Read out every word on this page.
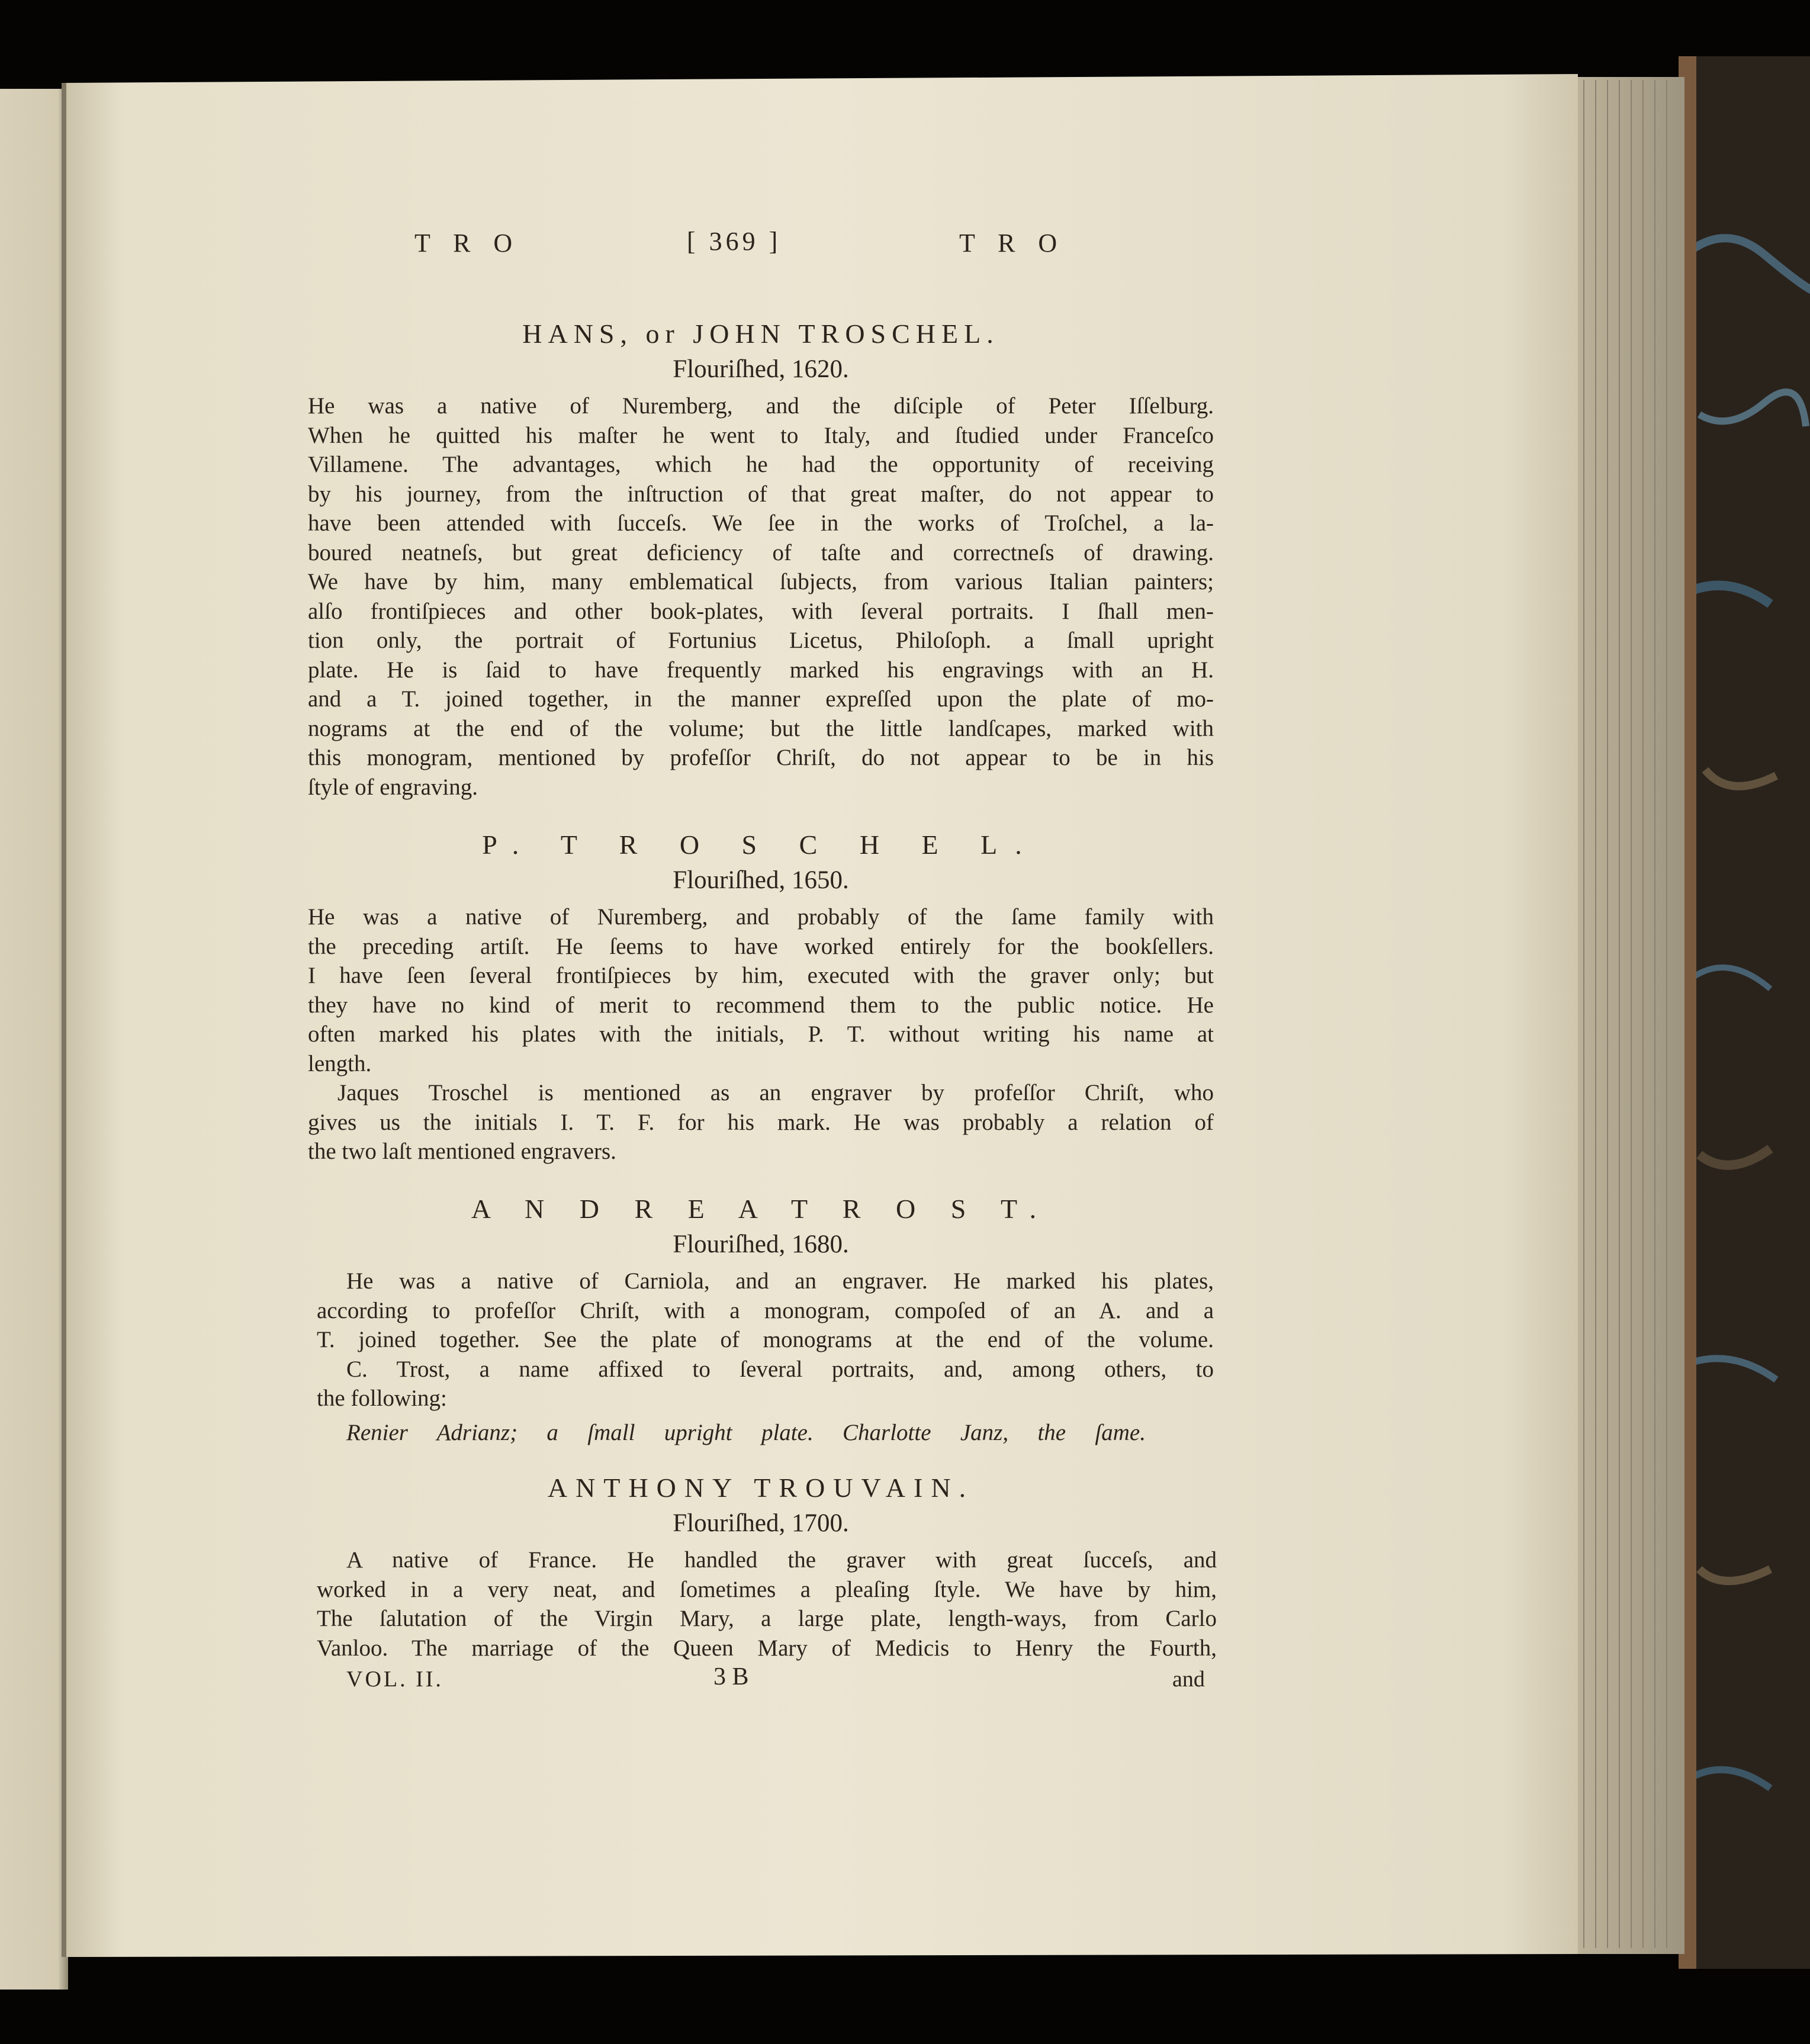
T R O	[ 369 ]	T R O

HANS, or JOHN TROSCHEL.

Flouriſhed, 1620.

He was a native of Nuremberg, and the diſciple of Peter Iſſelburg.

When he quitted his maſter he went to Italy, and ſtudied under Franceſco

Villamene. The advantages, which he had the opportunity of receiving

by his journey, from the inſtruction of that great maſter, do not appear to

have been attended with ſucceſs. We ſee in the works of Troſchel, a la-

boured neatneſs, but great deficiency of taſte and correctneſs of drawing.

We have by him, many emblematical ſubjects, from various Italian painters;

alſo frontiſpieces and other book-plates, with ſeveral portraits. I ſhall men-

tion only, the portrait of Fortunius Licetus, Philoſoph. a ſmall upright

plate. He is ſaid to have frequently marked his engravings with an H.

and a T. joined together, in the manner expreſſed upon the plate of mo-

nograms at the end of the volume; but the little landſcapes, marked with

this monogram, mentioned by profeſſor Chriſt, do not appear to be in his

ſtyle of engraving.

P. T R O S C H E L.

Flouriſhed, 1650.

He was a native of Nuremberg, and probably of the ſame family with

the preceding artiſt. He ſeems to have worked entirely for the bookſellers.

I have ſeen ſeveral frontiſpieces by him, executed with the graver only; but

they have no kind of merit to recommend them to the public notice. He

often marked his plates with the initials, P. T. without writing his name at

length.

Jaques Troschel is mentioned as an engraver by profeſſor Chriſt, who

gives us the initials I. T. F. for his mark. He was probably a relation of

the two laſt mentioned engravers.

A N D R E A T R O S T.

Flouriſhed, 1680.

He was a native of Carniola, and an engraver. He marked his plates,

according to profeſſor Chriſt, with a monogram, compoſed of an A. and a

T. joined together. See the plate of monograms at the end of the volume.

C. Trost, a name affixed to ſeveral portraits, and, among others, to

the following:

Renier Adrianz; a ſmall upright plate. Charlotte Janz, the ſame.

ANTHONY TROUVAIN.

Flouriſhed, 1700.

A native of France. He handled the graver with great ſucceſs, and

worked in a very neat, and ſometimes a pleaſing ſtyle. We have by him,

The ſalutation of the Virgin Mary, a large plate, length-ways, from Carlo

Vanloo. The marriage of the Queen Mary of Medicis to Henry the Fourth,

VOL. II.	3 B	and
